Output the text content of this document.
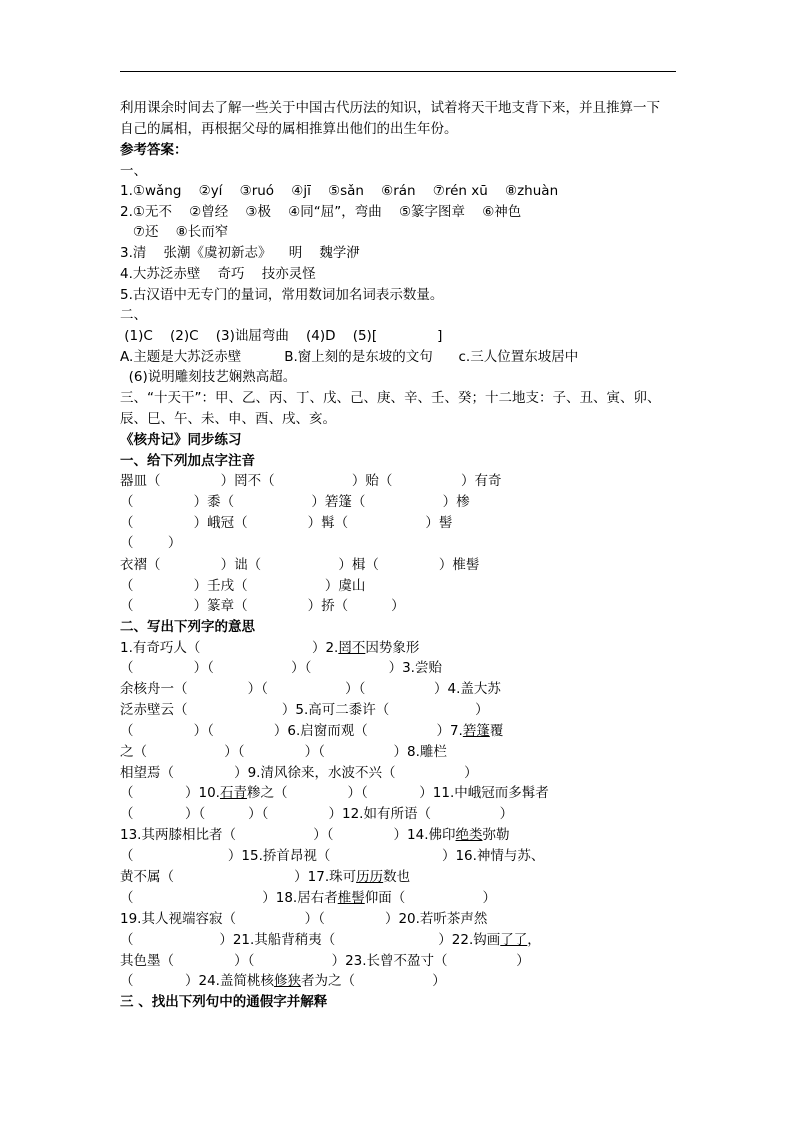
利用课余时间去了解一些关于中国古代历法的知识，试着将天干地支背下来，并且推算一下
自己的属相，再根据父母的属相推算出他们的出生年份。
参考答案：
一、
1.①wǎng    ②yí    ③ruó    ④jī    ⑤sǎn    ⑥rán    ⑦rén xū    ⑧zhuàn
2.①无不    ②曾经    ③极    ④同“屈”，弯曲    ⑤篆字图章    ⑥神色
⑦还    ⑧长而窄
3.清    张潮《虞初新志》    明    魏学洢
4.大苏泛赤壁    奇巧    技亦灵怪
5.古汉语中无专门的量词，常用数词加名词表示数量。
二、
(1)C    (2)C    (3)诎屈弯曲    (4)D    (5)[              ]
A.主题是大苏泛赤壁          B.窗上刻的是东坡的文句      c.三人位置东坡居中
(6)说明雕刻技艺娴熟高超。
三、“十天干”：甲、乙、丙、丁、戊、己、庚、辛、壬、癸；十二地支：子、丑、寅、卯、
辰、巳、午、未、申、酉、戌、亥。
《核舟记》同步练习
一、给下列加点字注音
器皿（              ）罔不（                  ）贻（                ）有奇
（              ）黍（                  ）箬篷（                  ）椮
（              ）峨冠（              ）髯（                  ）髻
（        ）
衣褶（              ）诎（                  ）楫（              ）椎髻
（              ）壬戌（                  ）虞山
（              ）篆章（              ）挢（          ）
二、写出下列字的意思
1.有奇巧人（                          ）2.罔不因势象形
（              ）（                  ）（                  ）3.尝贻
余核舟一（              ）（                  ）（                ）4.盖大苏
泛赤壁云（                      ）5.高可二黍许（                    ）
（              ）（              ）6.启窗而观（                ）7.箬篷覆
之（                  ）（              ）（                ）8.雕栏
相望焉（              ）9.清风徐来，水波不兴（                ）
（            ）10.石青糁之（              ）（            ）11.中峨冠而多髯者
（            ）（          ）（              ）12.如有所语（                ）
13.其两膝相比者（                  ）（              ）14.佛印绝类弥勒
（                      ）15.挢首昂视（                          ）16.神情与苏、
黄不属（                            ）17.珠可历历数也
（                              ）18.居右者椎髻仰面（                  ）
19.其人视端容寂（                ）（              ）20.若听茶声然
（                    ）21.其船背稍夷（                        ）22.钩画了了，
其色墨（              ）（                  ）23.长曾不盈寸（                ）
（            ）24.盖简桃核修狭者为之（                  ）
三 、找出下列句中的通假字并解释
